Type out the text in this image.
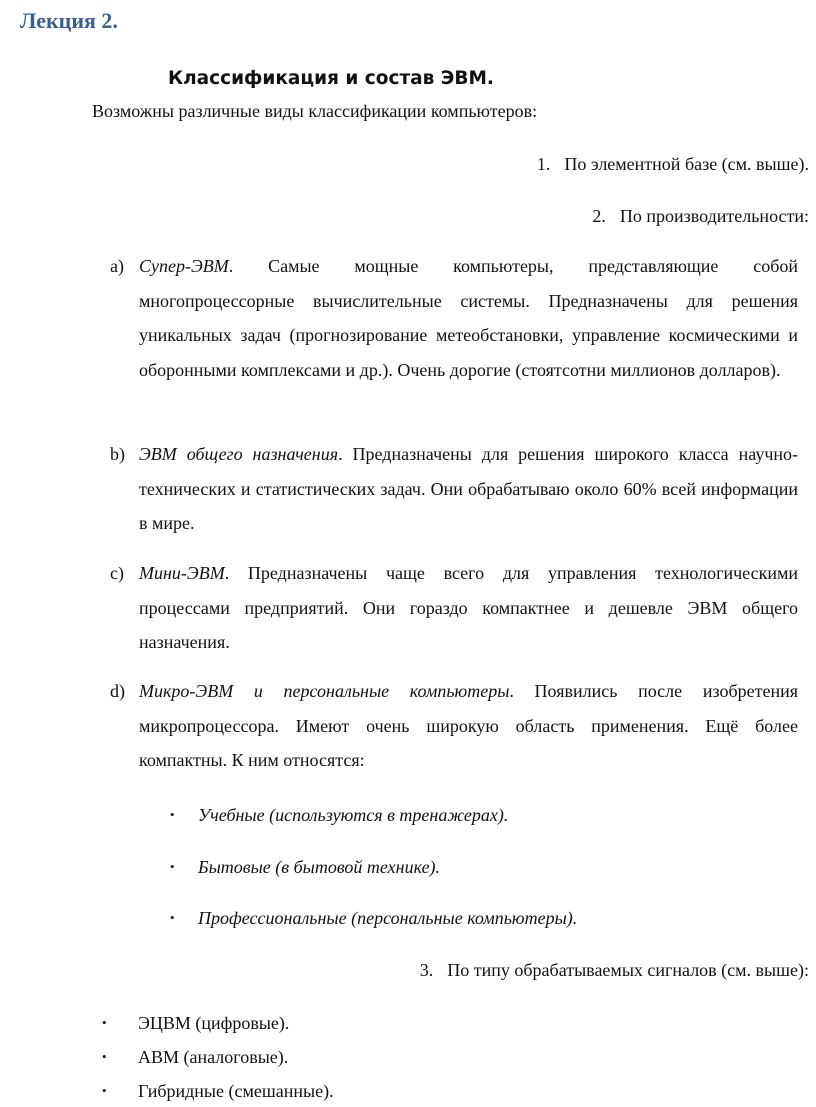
Лекция 2.
Классификация и состав ЭВМ.
Возможны различные виды классификации компьютеров:
1. По элементной базе (см. выше).
2. По производительности:
a) Супер-ЭВМ. Самые мощные компьютеры, представляющие собой многопроцессорные вычислительные системы. Предназначены для решения уникальных задач (прогнозирование метеобстановки, управление космическими и оборонными комплексами и др.). Очень дорогие (стоятсотни миллионов долларов).
b) ЭВМ общего назначения. Предназначены для решения широкого класса научно-технических и статистических задач. Они обрабатываю около 60% всей информации в мире.
c) Мини-ЭВМ. Предназначены чаще всего для управления технологическими процессами предприятий. Они гораздо компактнее и дешевле ЭВМ общего назначения.
d) Микро-ЭВМ и персональные компьютеры. Появились после изобретения микропроцессора. Имеют очень широкую область применения. Ещё более компактны. К ним относятся:
• Учебные (используются в тренажерах).
• Бытовые (в бытовой технике).
• Профессиональные (персональные компьютеры).
3. По типу обрабатываемых сигналов (см. выше):
• ЭЦВМ (цифровые).
• АВМ (аналоговые).
• Гибридные (смешанные).
